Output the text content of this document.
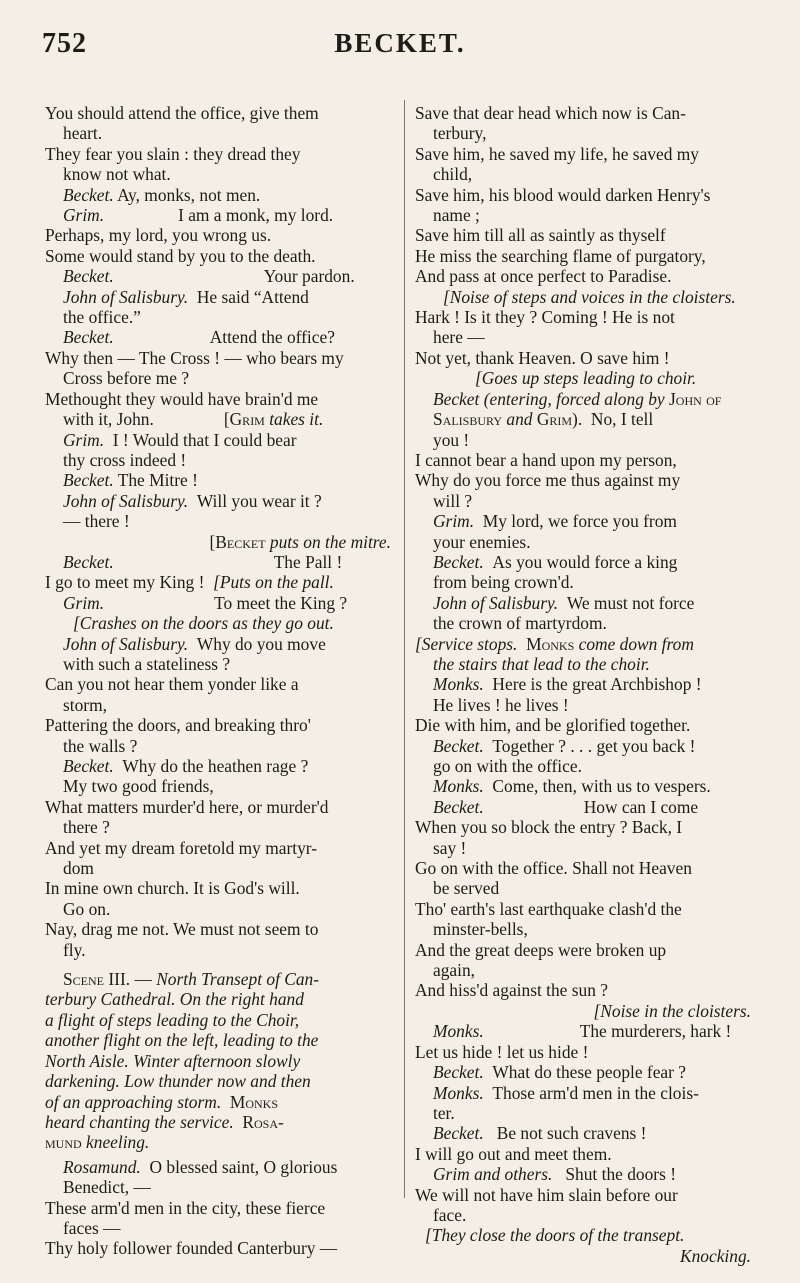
752	BECKET.
You should attend the office, give them
heart.
They fear you slain : they dread they
know not what.
Becket. Ay, monks, not men.
Grim.	I am a monk, my lord.
Perhaps, my lord, you wrong us.
Some would stand by you to the death.
Becket.	Your pardon.
John of Salisbury. He said “Attend
the office.”
Becket.	Attend the office?
Why then — The Cross ! — who bears my
Cross before me ?
Methought they would have brain'd me
with it, John.	[Grim takes it.
Grim. I ! Would that I could bear
thy cross indeed !
Becket. The Mitre !
John of Salisbury. Will you wear it ?
— there !
[Becket puts on the mitre.
Becket.	The Pall !
I go to meet my King ! [Puts on the pall.
Grim.	To meet the King ?
[Crashes on the doors as they go out.
John of Salisbury. Why do you move
with such a stateliness ?
Can you not hear them yonder like a
storm,
Pattering the doors, and breaking thro'
the walls ?
Becket. Why do the heathen rage ?
My two good friends,
What matters murder'd here, or murder'd
there ?
And yet my dream foretold my martyr-
dom
In mine own church. It is God's will.
Go on.
Nay, drag me not. We must not seem to
fly.
Scene III. — North Transept of Can-
terbury Cathedral. On the right hand
a flight of steps leading to the Choir,
another flight on the left, leading to the
North Aisle. Winter afternoon slowly
darkening. Low thunder now and then
of an approaching storm. Monks
heard chanting the service. Rosa-
mund kneeling.
Rosamund. O blessed saint, O glorious
Benedict, —
These arm'd men in the city, these fierce
faces —
Thy holy follower founded Canterbury —
Save that dear head which now is Can-
terbury,
Save him, he saved my life, he saved my
child,
Save him, his blood would darken Henry's
name ;
Save him till all as saintly as thyself
He miss the searching flame of purgatory,
And pass at once perfect to Paradise.
[Noise of steps and voices in the cloisters.
Hark ! Is it they ? Coming ! He is not
here —
Not yet, thank Heaven. O save him !
[Goes up steps leading to choir.
Becket (entering, forced along by John of
Salisbury and Grim). No, I tell
you !
I cannot bear a hand upon my person,
Why do you force me thus against my
will ?
Grim. My lord, we force you from
your enemies.
Becket. As you would force a king
from being crown'd.
John of Salisbury. We must not force
the crown of martyrdom.
[Service stops. Monks come down from
the stairs that lead to the choir.
Monks. Here is the great Archbishop !
He lives ! he lives !
Die with him, and be glorified together.
Becket. Together ? . . . get you back !
go on with the office.
Monks. Come, then, with us to vespers.
Becket.	How can I come
When you so block the entry ? Back, I
say !
Go on with the office. Shall not Heaven
be served
Tho' earth's last earthquake clash'd the
minster-bells,
And the great deeps were broken up
again,
And hiss'd against the sun ?
[Noise in the cloisters.
Monks.	The murderers, hark !
Let us hide ! let us hide !
Becket. What do these people fear ?
Monks. Those arm'd men in the clois-
ter.
Becket. Be not such cravens !
I will go out and meet them.
Grim and others. Shut the doors !
We will not have him slain before our
face.
[They close the doors of the transept.
Knocking.
